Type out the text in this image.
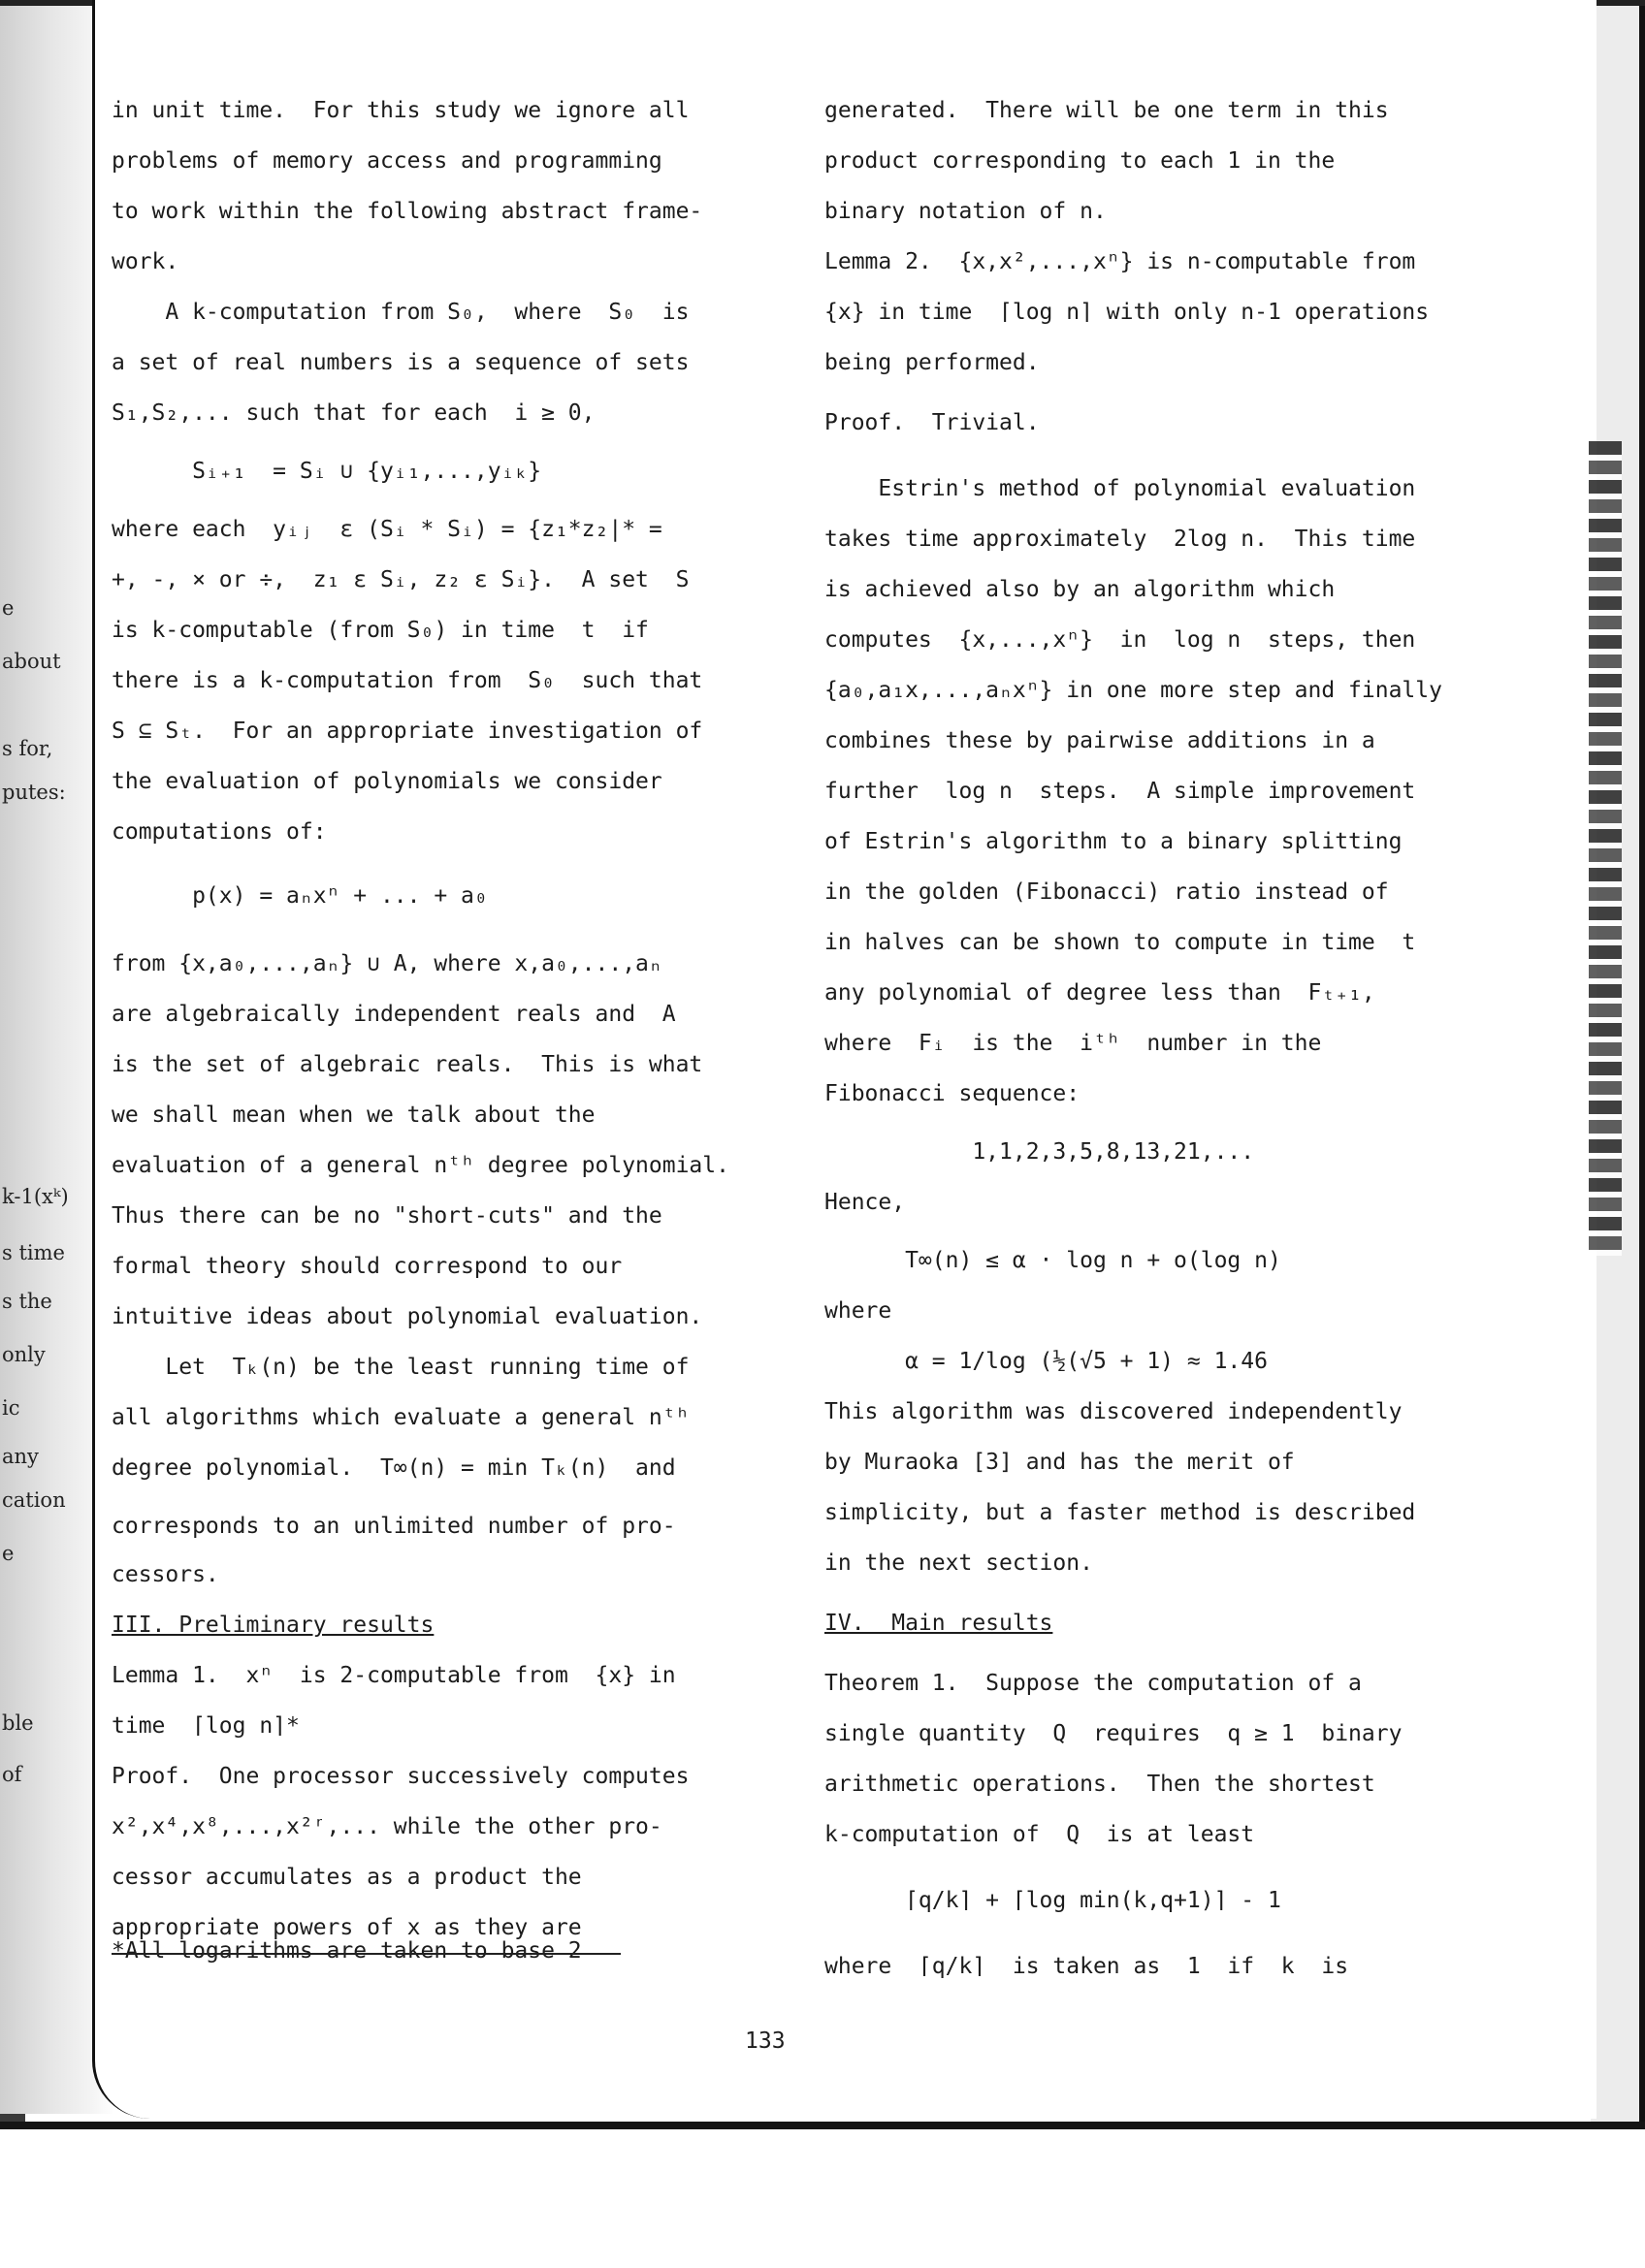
e
about
s for,
putes:
k-1(xᵏ)
s time
s the
only
ic
any
cation
e
ble
of
in unit time.  For this study we ignore all
problems of memory access and programming
to work within the following abstract frame-
work.
A k-computation from S₀,  where  S₀  is
a set of real numbers is a sequence of sets
S₁,S₂,... such that for each  i ≥ 0,
Sᵢ₊₁  = Sᵢ ∪ {yᵢ₁,...,yᵢₖ}
where each  yᵢⱼ  ε (Sᵢ * Sᵢ) = {z₁*z₂|* =
+, -, × or ÷,  z₁ ε Sᵢ, z₂ ε Sᵢ}.  A set  S
is k-computable (from S₀) in time  t  if
there is a k-computation from  S₀  such that
S ⊆ Sₜ.  For an appropriate investigation of
the evaluation of polynomials we consider
computations of:
p(x) = aₙxⁿ + ... + a₀
from {x,a₀,...,aₙ} ∪ A, where x,a₀,...,aₙ
are algebraically independent reals and  A
is the set of algebraic reals.  This is what
we shall mean when we talk about the
evaluation of a general nᵗʰ degree polynomial.
Thus there can be no "short-cuts" and the
formal theory should correspond to our
intuitive ideas about polynomial evaluation.
Let  Tₖ(n) be the least running time of
all algorithms which evaluate a general nᵗʰ
degree polynomial.  T∞(n) = min Tₖ(n)  and
corresponds to an unlimited number of pro-
cessors.
III. Preliminary results
Lemma 1.  xⁿ  is 2-computable from  {x} in
time  ⌈log n⌉*
Proof.  One processor successively computes
x²,x⁴,x⁸,...,x²ʳ,... while the other pro-
cessor accumulates as a product the
appropriate powers of x as they are
*All logarithms are taken to base 2
generated.  There will be one term in this
product corresponding to each 1 in the
binary notation of n.
Lemma 2.  {x,x²,...,xⁿ} is n-computable from
{x} in time  ⌈log n⌉ with only n-1 operations
being performed.
Proof.  Trivial.
Estrin's method of polynomial evaluation
takes time approximately  2log n.  This time
is achieved also by an algorithm which
computes  {x,...,xⁿ}  in  log n  steps, then
{a₀,a₁x,...,aₙxⁿ} in one more step and finally
combines these by pairwise additions in a
further  log n  steps.  A simple improvement
of Estrin's algorithm to a binary splitting
in the golden (Fibonacci) ratio instead of
in halves can be shown to compute in time  t
any polynomial of degree less than  Fₜ₊₁,
where  Fᵢ  is the  iᵗʰ  number in the
Fibonacci sequence:
1,1,2,3,5,8,13,21,...
Hence,
T∞(n) ≤ α · log n + o(log n)
where
α = 1/log (½(√5 + 1) ≈ 1.46
This algorithm was discovered independently
by Muraoka [3] and has the merit of
simplicity, but a faster method is described
in the next section.
IV.  Main results
Theorem 1.  Suppose the computation of a
single quantity  Q  requires  q ≥ 1  binary
arithmetic operations.  Then the shortest
k-computation of  Q  is at least
⌈q/k⌉ + ⌈log min(k,q+1)⌉ - 1
where  ⌈q/k⌉  is taken as  1  if  k  is
133
